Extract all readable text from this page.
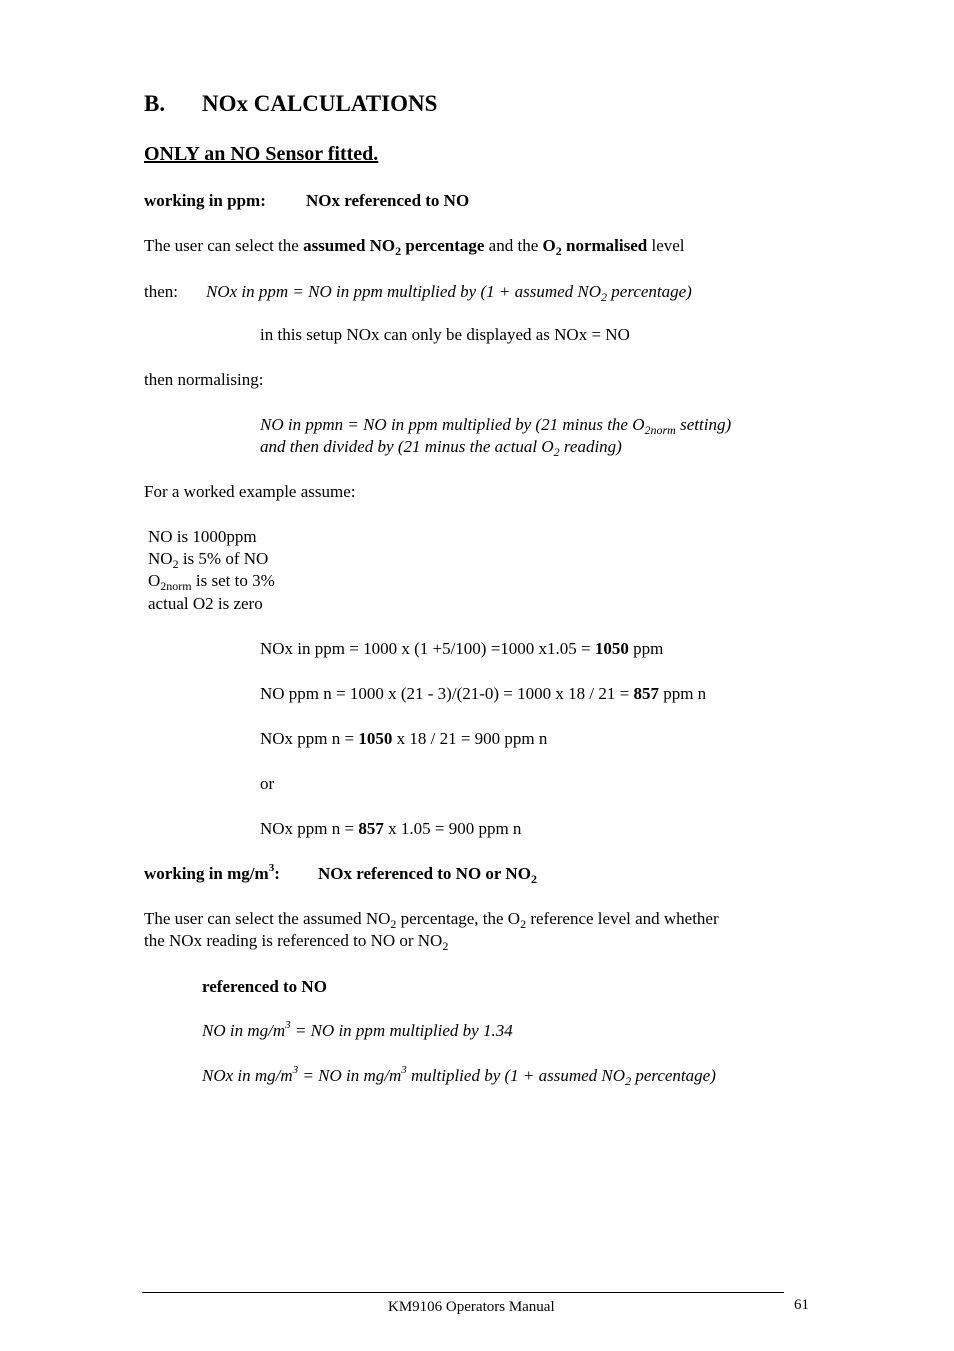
B. NOx CALCULATIONS
ONLY an NO Sensor fitted.
working in ppm: NOx referenced to NO
The user can select the assumed $NO_2$ percentage and the $O_2$ normalised level
then: NOx in ppm = NO in ppm multiplied by (1 + assumed $NO_2$ percentage)
in this setup NOx can only be displayed as NOx = NO
then normalising:
NO in ppmn = NO in ppm multiplied by (21 minus the $O_{2norm}$ setting)
and then divided by (21 minus the actual $O_2$ reading)
For a worked example assume:
NO is 1000ppm
$NO_2$ is 5% of NO
$O_{2norm}$ is set to 3%
actual O2 is zero
NOx in ppm = 1000 x (1 +5/100) =1000 x1.05 = 1050 ppm
NO ppm n = 1000 x (21 - 3)/(21-0) = 1000 x 18 / 21 = 857 ppm n
NOx ppm n = 1050 x 18 / 21 = 900 ppm n
or
NOx ppm n = 857 x 1.05 = 900 ppm n
working in $mg/m^3$: NOx referenced to NO or $NO_2$
The user can select the assumed $NO_2$ percentage, the $O_2$ reference level and whether
the NOx reading is referenced to NO or $NO_2$
referenced to NO
NO in $mg/m^3$ = NO in ppm multiplied by 1.34
NOx in $mg/m^3$ = NO in $mg/m^3$ multiplied by (1 + assumed $NO_2$ percentage)
KM9106 Operators Manual	61
